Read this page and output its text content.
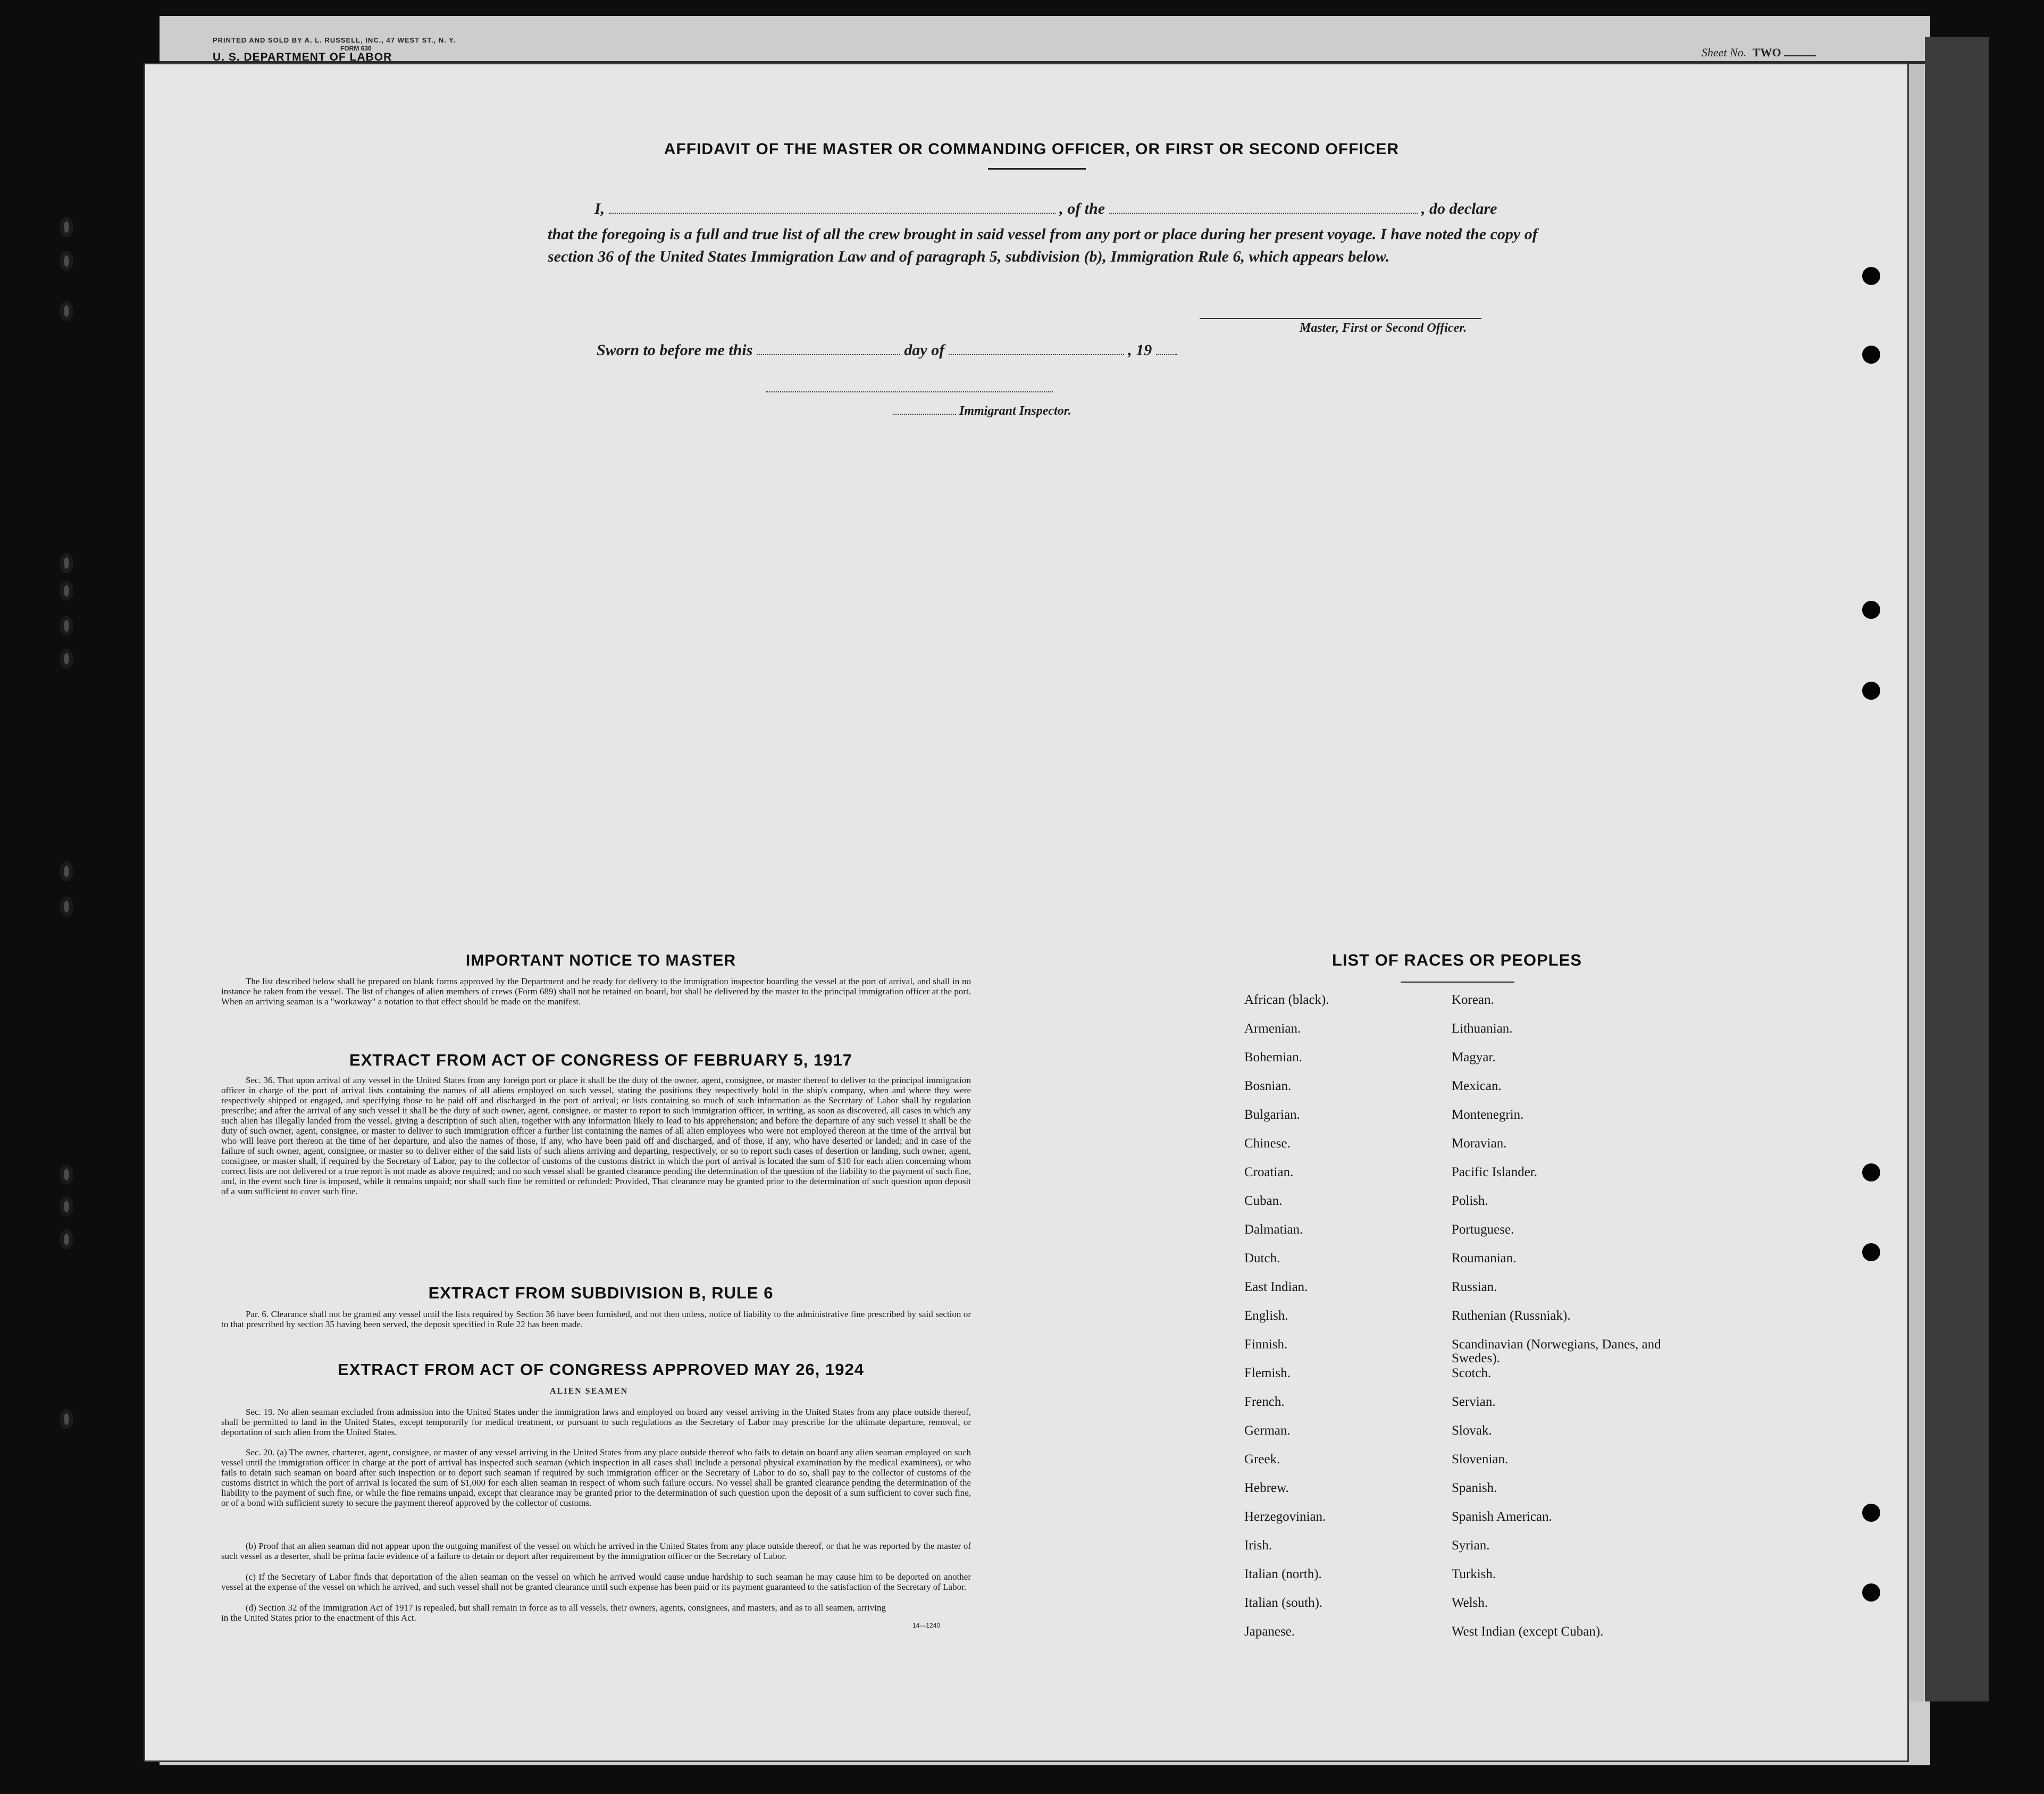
PRINTED AND SOLD BY A. L. RUSSELL, INC., 47 WEST ST., N. Y.
FORM 630
U. S. DEPARTMENT OF LABOR	Sheet No. TWO
AFFIDAVIT OF THE MASTER OR COMMANDING OFFICER, OR FIRST OR SECOND OFFICER
I,	, of the	, do declare
that the foregoing is a full and true list of all the crew brought in said vessel from any port or place during her present voyage. I have noted the copy of section 36 of the United States Immigration Law and of paragraph 5, subdivision (b), Immigration Rule 6, which appears below.
Master, First or Second Officer.
Sworn to before me this	day of	, 19
Immigrant Inspector.
IMPORTANT NOTICE TO MASTER
The list described below shall be prepared on blank forms approved by the Department and be ready for delivery to the immigration inspector boarding the vessel at the port of arrival, and shall in no instance be taken from the vessel. The list of changes of alien members of crews (Form 689) shall not be retained on board, but shall be delivered by the master to the principal immigration officer at the port. When an arriving seaman is a "workaway" a notation to that effect should be made on the manifest.
EXTRACT FROM ACT OF CONGRESS OF FEBRUARY 5, 1917
Sec. 36. That upon arrival of any vessel in the United States from any foreign port or place it shall be the duty of the owner, agent, consignee, or master thereof to deliver to the principal immigration officer in charge of the port of arrival lists containing the names of all aliens employed on such vessel, stating the positions they respectively hold in the ship's company, when and where they were respectively shipped or engaged, and specifying those to be paid off and discharged in the port of arrival; or lists containing so much of such information as the Secretary of Labor shall by regulation prescribe; and after the arrival of any such vessel it shall be the duty of such owner, agent, consignee, or master to report to such immigration officer, in writing, as soon as discovered, all cases in which any such alien has illegally landed from the vessel, giving a description of such alien, together with any information likely to lead to his apprehension; and before the departure of any such vessel it shall be the duty of such owner, agent, consignee, or master to deliver to such immigration officer a further list containing the names of all alien employees who were not employed thereon at the time of the arrival but who will leave port thereon at the time of her departure, and also the names of those, if any, who have been paid off and discharged, and of those, if any, who have deserted or landed; and in case of the failure of such owner, agent, consignee, or master so to deliver either of the said lists of such aliens arriving and departing, respectively, or so to report such cases of desertion or landing, such owner, agent, consignee, or master shall, if required by the Secretary of Labor, pay to the collector of customs of the customs district in which the port of arrival is located the sum of $10 for each alien concerning whom correct lists are not delivered or a true report is not made as above required; and no such vessel shall be granted clearance pending the determination of the question of the liability to the payment of such fine, and, in the event such fine is imposed, while it remains unpaid; nor shall such fine be remitted or refunded: Provided, That clearance may be granted prior to the determination of such question upon deposit of a sum sufficient to cover such fine.
EXTRACT FROM SUBDIVISION B, RULE 6
Par. 6. Clearance shall not be granted any vessel until the lists required by Section 36 have been furnished, and not then unless, notice of liability to the administrative fine prescribed by said section or to that prescribed by section 35 having been served, the deposit specified in Rule 22 has been made.
EXTRACT FROM ACT OF CONGRESS APPROVED MAY 26, 1924
ALIEN SEAMEN
Sec. 19. No alien seaman excluded from admission into the United States under the immigration laws and employed on board any vessel arriving in the United States from any place outside thereof, shall be permitted to land in the United States, except temporarily for medical treatment, or pursuant to such regulations as the Secretary of Labor may prescribe for the ultimate departure, removal, or deportation of such alien from the United States.
Sec. 20. (a) The owner, charterer, agent, consignee, or master of any vessel arriving in the United States from any place outside thereof who fails to detain on board any alien seaman employed on such vessel until the immigration officer in charge at the port of arrival has inspected such seaman (which inspection in all cases shall include a personal physical examination by the medical examiners), or who fails to detain such seaman on board after such inspection or to deport such seaman if required by such immigration officer or the Secretary of Labor to do so, shall pay to the collector of customs of the customs district in which the port of arrival is located the sum of $1,000 for each alien seaman in respect of whom such failure occurs. No vessel shall be granted clearance pending the determination of the liability to the payment of such fine, or while the fine remains unpaid, except that clearance may be granted prior to the determination of such question upon the deposit of a sum sufficient to cover such fine, or of a bond with sufficient surety to secure the payment thereof approved by the collector of customs.
(b) Proof that an alien seaman did not appear upon the outgoing manifest of the vessel on which he arrived in the United States from any place outside thereof, or that he was reported by the master of such vessel as a deserter, shall be prima facie evidence of a failure to detain or deport after requirement by the immigration officer or the Secretary of Labor.
(c) If the Secretary of Labor finds that deportation of the alien seaman on the vessel on which he arrived would cause undue hardship to such seaman he may cause him to be deported on another vessel at the expense of the vessel on which he arrived, and such vessel shall not be granted clearance until such expense has been paid or its payment guaranteed to the satisfaction of the Secretary of Labor.
(d) Section 32 of the Immigration Act of 1917 is repealed, but shall remain in force as to all vessels, their owners, agents, consignees, and masters, and as to all seamen, arriving in the United States prior to the enactment of this Act.
14—1240
LIST OF RACES OR PEOPLES
African (black).	Korean.
Armenian.	Lithuanian.
Bohemian.	Magyar.
Bosnian.	Mexican.
Bulgarian.	Montenegrin.
Chinese.	Moravian.
Croatian.	Pacific Islander.
Cuban.	Polish.
Dalmatian.	Portuguese.
Dutch.	Roumanian.
East Indian.	Russian.
English.	Ruthenian (Russniak).
Finnish.	Scandinavian (Norwegians, Danes, and Swedes).
Flemish.	Scotch.
French.	Servian.
German.	Slovak.
Greek.	Slovenian.
Hebrew.	Spanish.
Herzegovinian.	Spanish American.
Irish.	Syrian.
Italian (north).	Turkish.
Italian (south).	Welsh.
Japanese.	West Indian (except Cuban).
